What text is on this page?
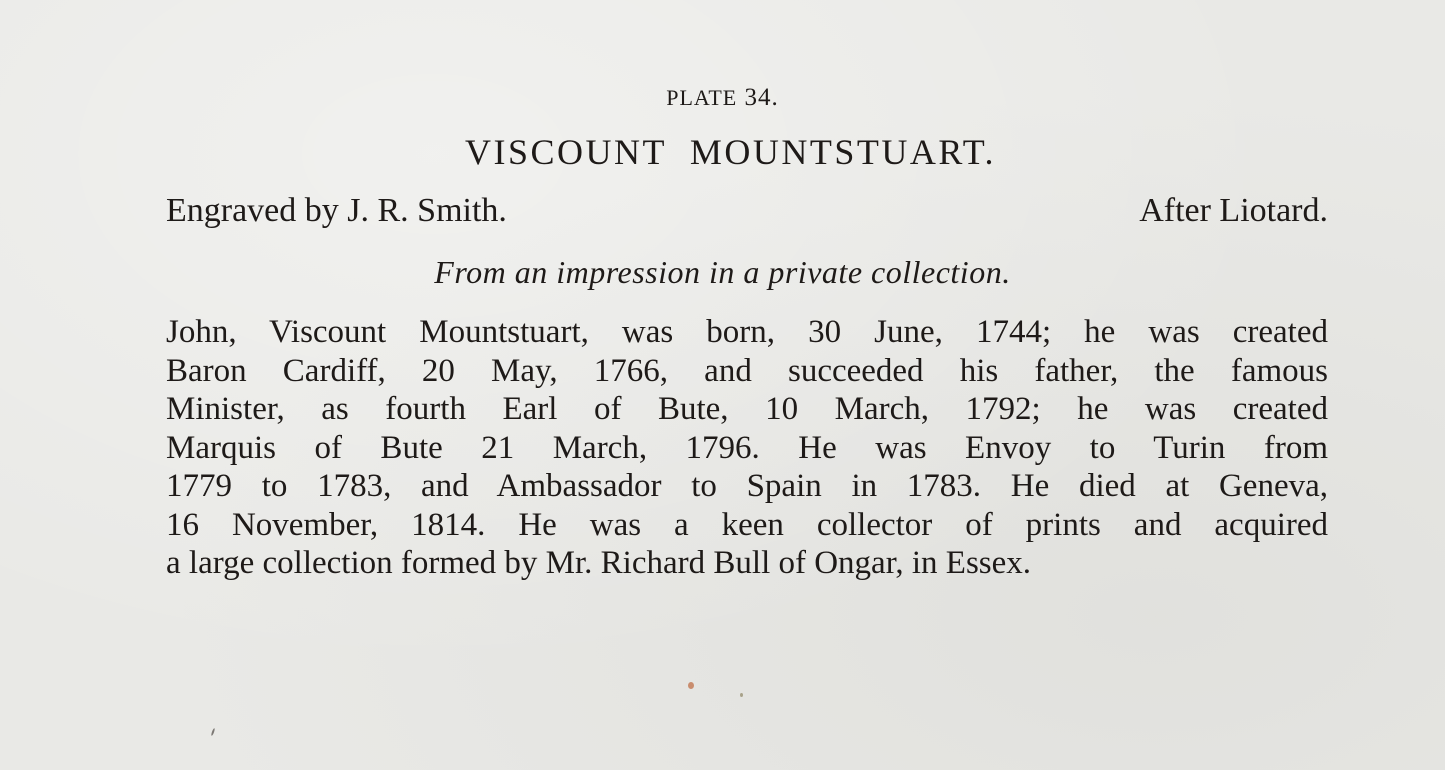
PLATE 34.
VISCOUNT MOUNTSTUART.
Engraved by J. R. Smith.	After Liotard.
From an impression in a private collection.
John, Viscount Mountstuart, was born, 30 June, 1744; he was created
Baron Cardiff, 20 May, 1766, and succeeded his father, the famous
Minister, as fourth Earl of Bute, 10 March, 1792; he was created
Marquis of Bute 21 March, 1796. He was Envoy to Turin from
1779 to 1783, and Ambassador to Spain in 1783. He died at Geneva,
16 November, 1814. He was a keen collector of prints and acquired
a large collection formed by Mr. Richard Bull of Ongar, in Essex.
